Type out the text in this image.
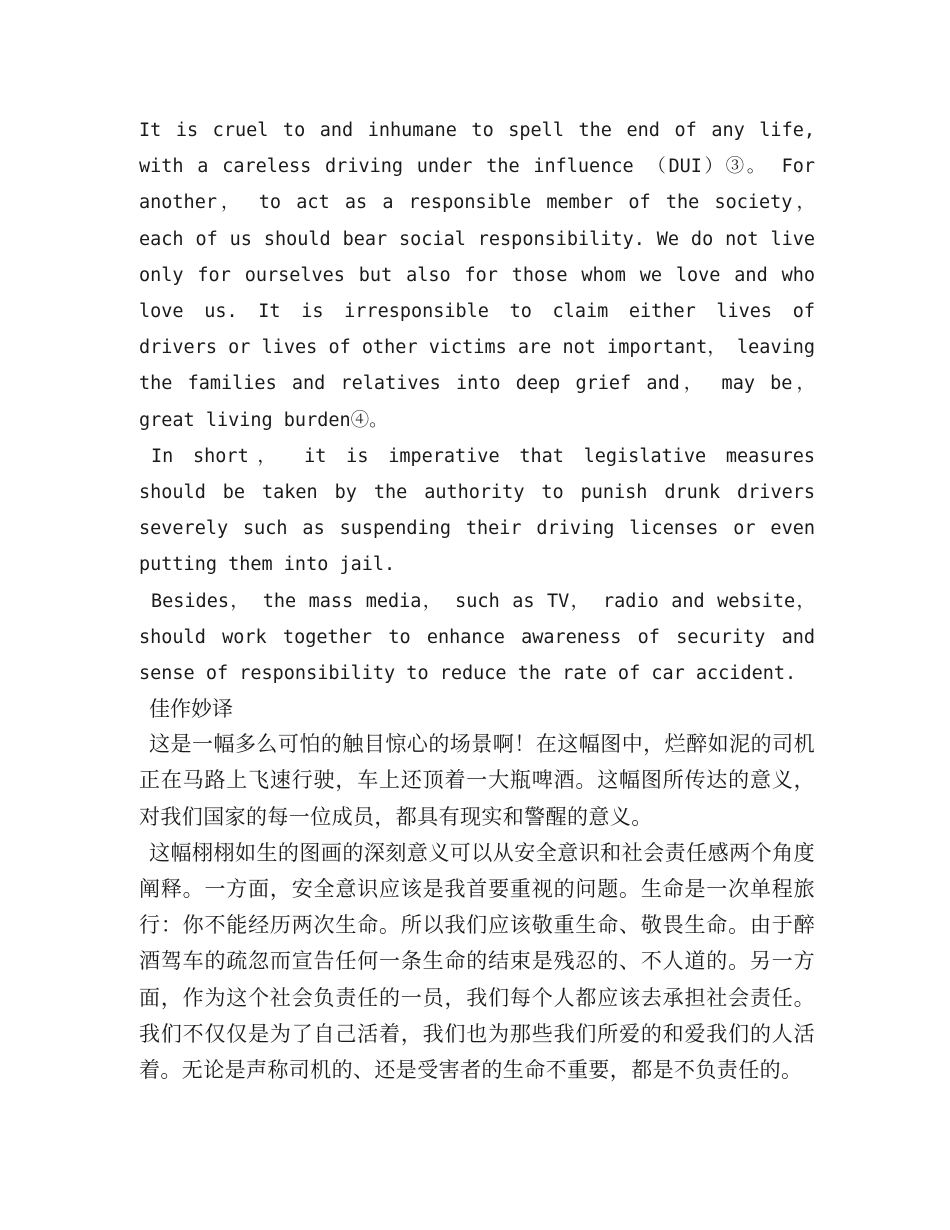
It is cruel to and inhumane to spell the end of any life, with a careless driving under the influence （DUI）③。 For another， to act as a responsible member of the society， each of us should bear social responsibility. We do not live only for ourselves but also for those whom we love and who love us. It is irresponsible to claim either lives of drivers or lives of other victims are not important， leaving the families and relatives into deep grief and， may be， great living burden④。

In short， it is imperative that legislative measures should be taken by the authority to punish drunk drivers severely such as suspending their driving licenses or even putting them into jail.

Besides， the mass media， such as TV， radio and website， should work together to enhance awareness of security and sense of responsibility to reduce the rate of car accident.

佳作妙译

这是一幅多么可怕的触目惊心的场景啊！在这幅图中，烂醉如泥的司机正在马路上飞速行驶，车上还顶着一大瓶啤酒。这幅图所传达的意义，对我们国家的每一位成员，都具有现实和警醒的意义。

这幅栩栩如生的图画的深刻意义可以从安全意识和社会责任感两个角度阐释。一方面，安全意识应该是我首要重视的问题。生命是一次单程旅行：你不能经历两次生命。所以我们应该敬重生命、敬畏生命。由于醉酒驾车的疏忽而宣告任何一条生命的结束是残忍的、不人道的。另一方面，作为这个社会负责任的一员，我们每个人都应该去承担社会责任。我们不仅仅是为了自己活着，我们也为那些我们所爱的和爱我们的人活着。无论是声称司机的、还是受害者的生命不重要，都是不负责任的。
